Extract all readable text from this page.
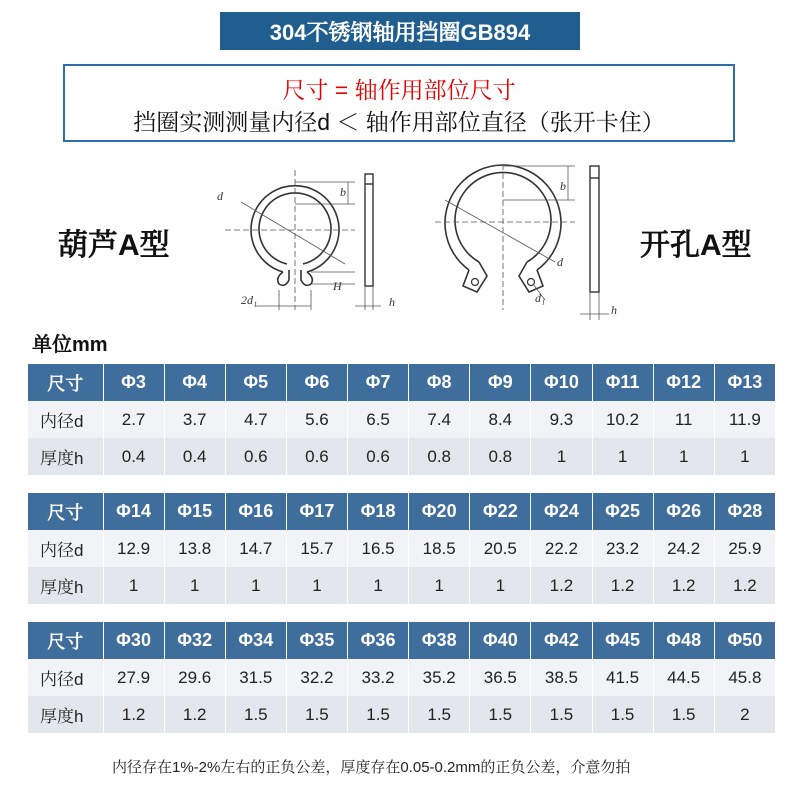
304不锈钢轴用挡圈GB894
尺寸 = 轴作用部位尺寸
挡圈实测测量内径d ＜ 轴作用部位直径（张开卡住）
葫芦A型	开孔A型
d	b
H
2d₁	h
d
b
d₁
h
单位mm
尺寸	Φ3	Φ4	Φ5	Φ6	Φ7	Φ8	Φ9	Φ10	Φ11	Φ12	Φ13
内径d	2.7	3.7	4.7	5.6	6.5	7.4	8.4	9.3	10.2	11	11.9
厚度h	0.4	0.4	0.6	0.6	0.6	0.8	0.8	1	1	1	1
尺寸	Φ14	Φ15	Φ16	Φ17	Φ18	Φ20	Φ22	Φ24	Φ25	Φ26	Φ28
内径d	12.9	13.8	14.7	15.7	16.5	18.5	20.5	22.2	23.2	24.2	25.9
厚度h	1	1	1	1	1	1	1	1.2	1.2	1.2	1.2
尺寸	Φ30	Φ32	Φ34	Φ35	Φ36	Φ38	Φ40	Φ42	Φ45	Φ48	Φ50
内径d	27.9	29.6	31.5	32.2	33.2	35.2	36.5	38.5	41.5	44.5	45.8
厚度h	1.2	1.2	1.5	1.5	1.5	1.5	1.5	1.5	1.5	1.5	2
内径存在1%-2%左右的正负公差，厚度存在0.05-0.2mm的正负公差，介意勿拍
